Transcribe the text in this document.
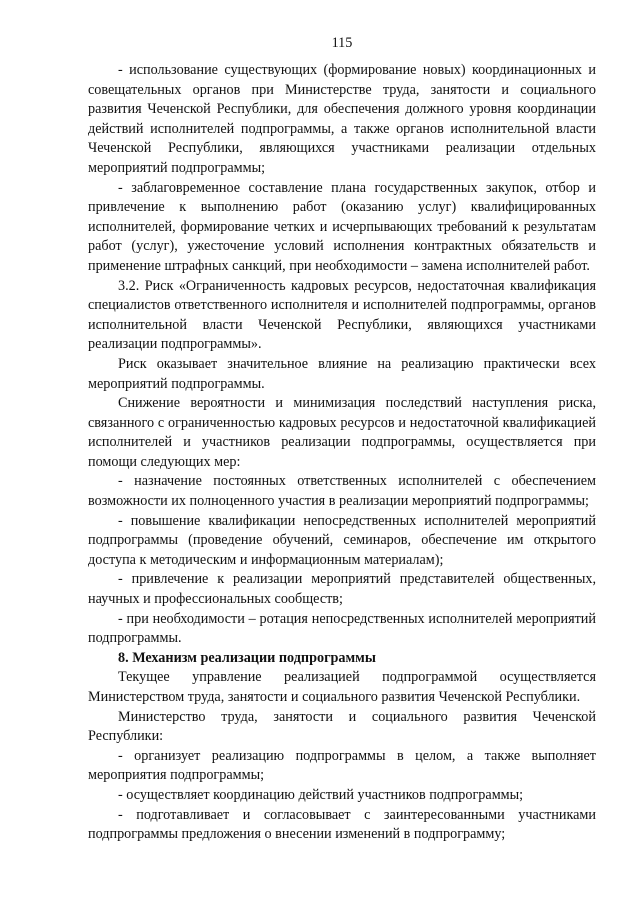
115

- использование существующих (формирование новых) координационных и совещательных органов при Министерстве труда, занятости и социального развития Чеченской Республики, для обеспечения должного уровня координации действий исполнителей подпрограммы, а также органов исполнительной власти Чеченской Республики, являющихся участниками реализации отдельных мероприятий подпрограммы;

- заблаговременное составление плана государственных закупок, отбор и привлечение к выполнению работ (оказанию услуг) квалифицированных исполнителей, формирование четких и исчерпывающих требований к результатам работ (услуг), ужесточение условий исполнения контрактных обязательств и применение штрафных санкций, при необходимости – замена исполнителей работ.

3.2. Риск «Ограниченность кадровых ресурсов, недостаточная квалификация специалистов ответственного исполнителя и исполнителей подпрограммы, органов исполнительной власти Чеченской Республики, являющихся участниками реализации подпрограммы».

Риск оказывает значительное влияние на реализацию практически всех мероприятий подпрограммы.

Снижение вероятности и минимизация последствий наступления риска, связанного с ограниченностью кадровых ресурсов и недостаточной квалификацией исполнителей и участников реализации подпрограммы, осуществляется при помощи следующих мер:

- назначение постоянных ответственных исполнителей с обеспечением возможности их полноценного участия в реализации мероприятий подпрограммы;

- повышение квалификации непосредственных исполнителей мероприятий подпрограммы (проведение обучений, семинаров, обеспечение им открытого доступа к методическим и информационным материалам);

- привлечение к реализации мероприятий представителей общественных, научных и профессиональных сообществ;

- при необходимости – ротация непосредственных исполнителей мероприятий подпрограммы.

8. Механизм реализации подпрограммы

Текущее управление реализацией подпрограммой осуществляется Министерством труда, занятости и социального развития Чеченской Республики.

Министерство труда, занятости и социального развития Чеченской Республики:

- организует реализацию подпрограммы в целом, а также выполняет мероприятия подпрограммы;

- осуществляет координацию действий участников подпрограммы;

- подготавливает и согласовывает с заинтересованными участниками подпрограммы предложения о внесении изменений в подпрограмму;
